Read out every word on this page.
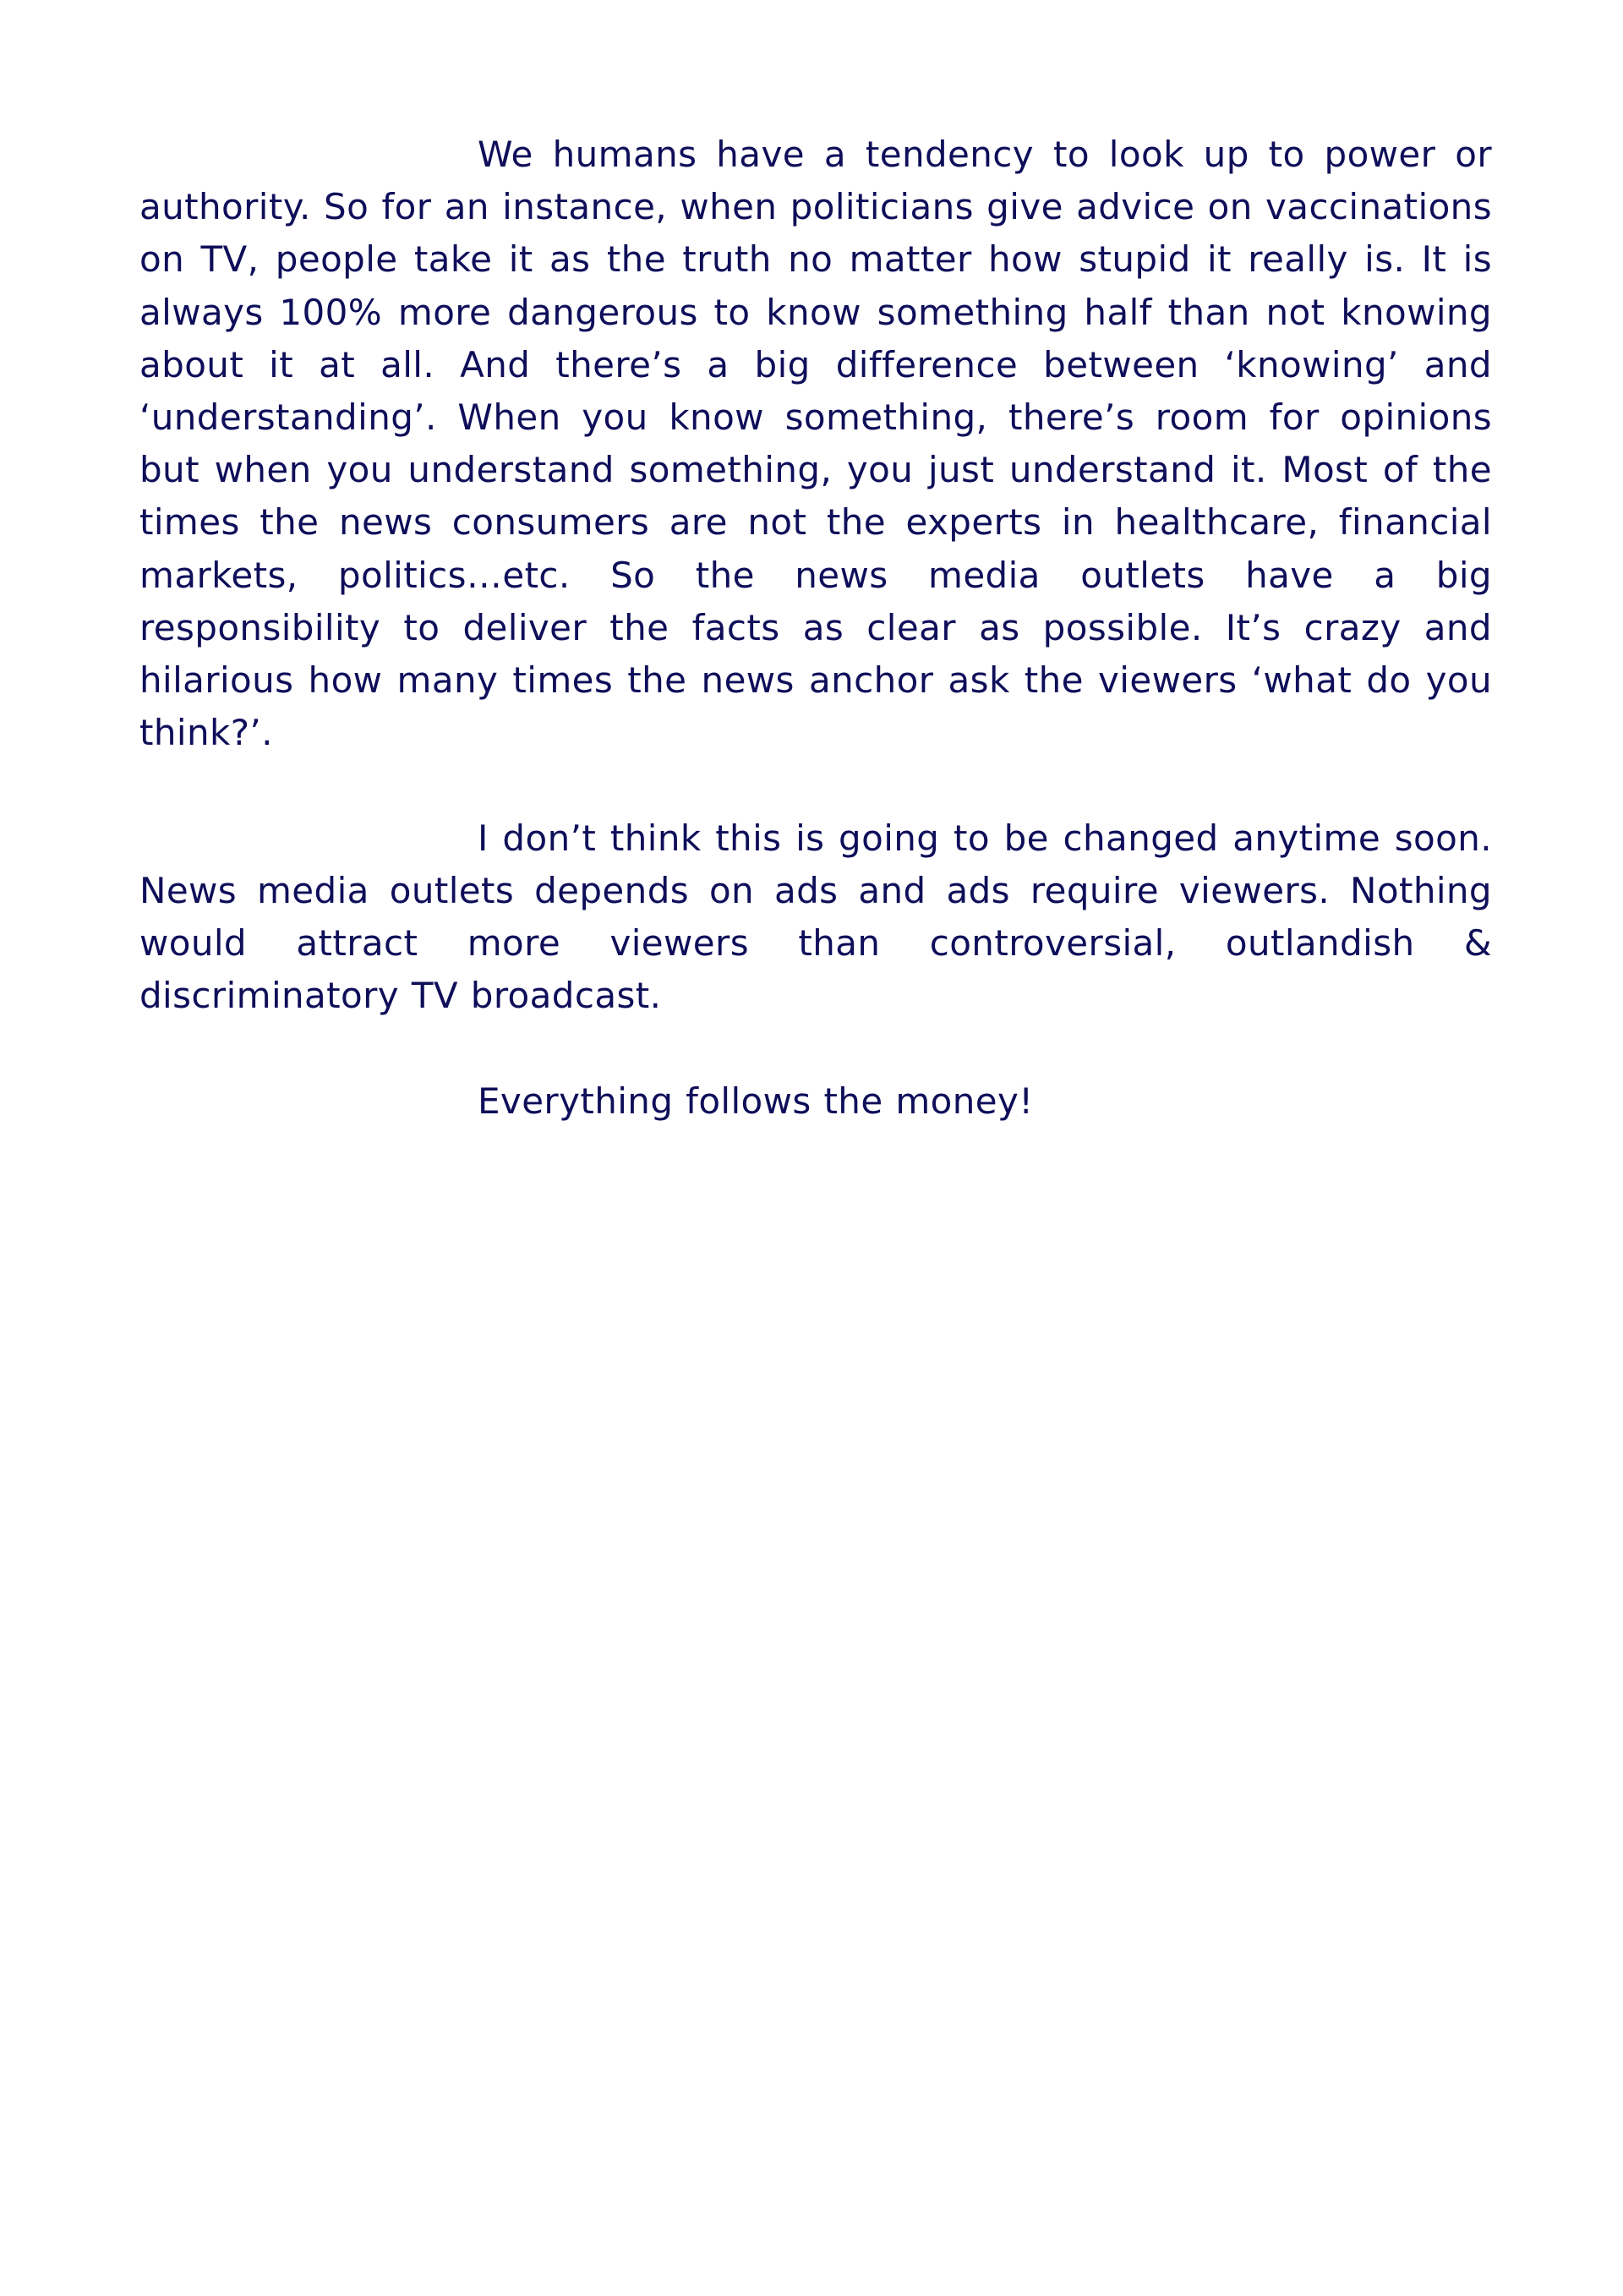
We humans have a tendency to look up to power or authority. So for an instance, when politicians give advice on vaccinations on TV, people take it as the truth no matter how stupid it really is. It is always 100% more dangerous to know something half than not knowing about it at all. And there’s a big difference between ‘knowing’ and ‘understanding’. When you know something, there’s room for opinions but when you understand something, you just understand it. Most of the times the news consumers are not the experts in healthcare, financial markets, politics…etc. So the news media outlets have a big responsibility to deliver the facts as clear as possible. It’s crazy and hilarious how many times the news anchor ask the viewers ‘what do you think?’.

I don’t think this is going to be changed anytime soon. News media outlets depends on ads and ads require viewers. Nothing would attract more viewers than controversial, outlandish & discriminatory TV broadcast.

Everything follows the money!
